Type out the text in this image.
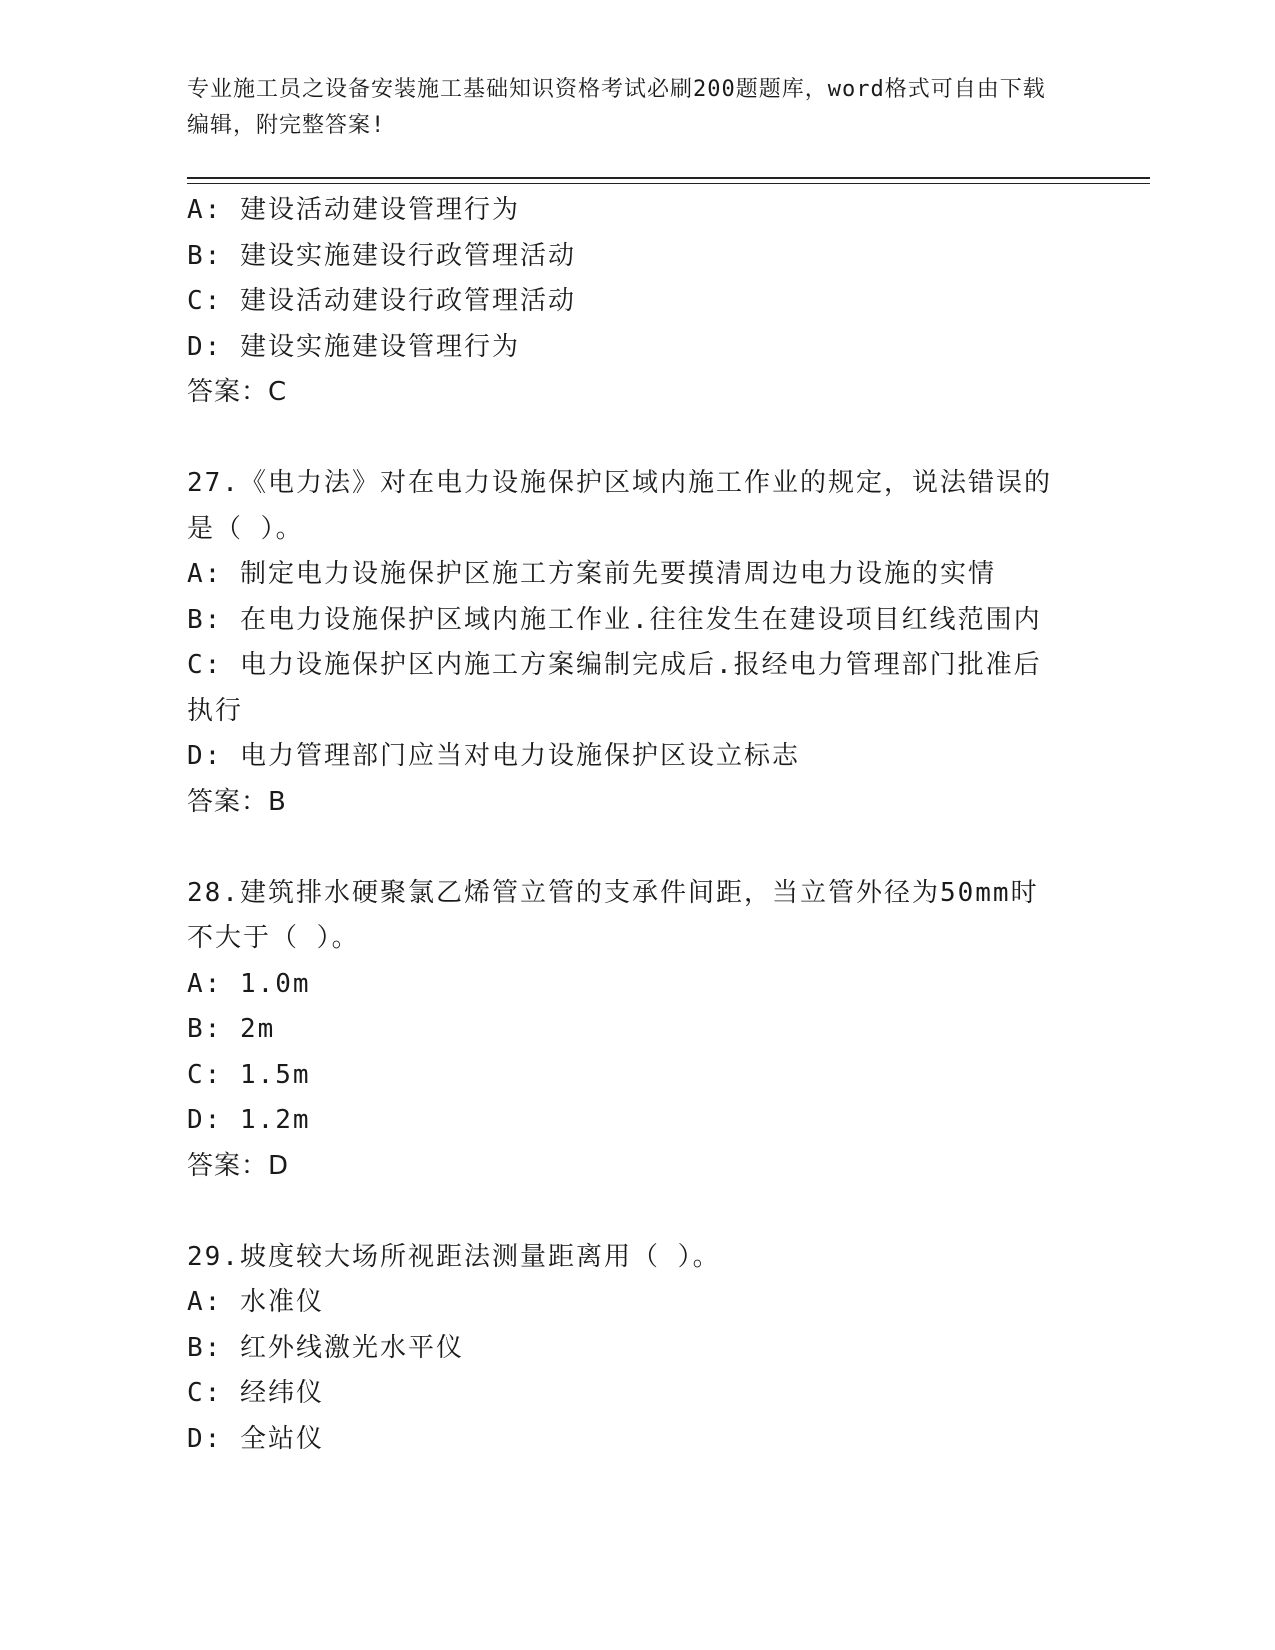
专业施工员之设备安装施工基础知识资格考试必刷200题题库，word格式可自由下载编辑，附完整答案!
A: 建设活动建设管理行为
B: 建设实施建设行政管理活动
C: 建设活动建设行政管理活动
D: 建设实施建设管理行为
答案：C
27.《电力法》对在电力设施保护区域内施工作业的规定，说法错误的
是（ ）。
A: 制定电力设施保护区施工方案前先要摸清周边电力设施的实情
B: 在电力设施保护区域内施工作业.往往发生在建设项目红线范围内
C: 电力设施保护区内施工方案编制完成后.报经电力管理部门批准后
执行
D: 电力管理部门应当对电力设施保护区设立标志
答案：B
28.建筑排水硬聚氯乙烯管立管的支承件间距，当立管外径为50mm时
不大于（ ）。
A: 1.0m
B: 2m
C: 1.5m
D: 1.2m
答案：D
29.坡度较大场所视距法测量距离用（ ）。
A: 水准仪
B: 红外线激光水平仪
C: 经纬仪
D: 全站仪
